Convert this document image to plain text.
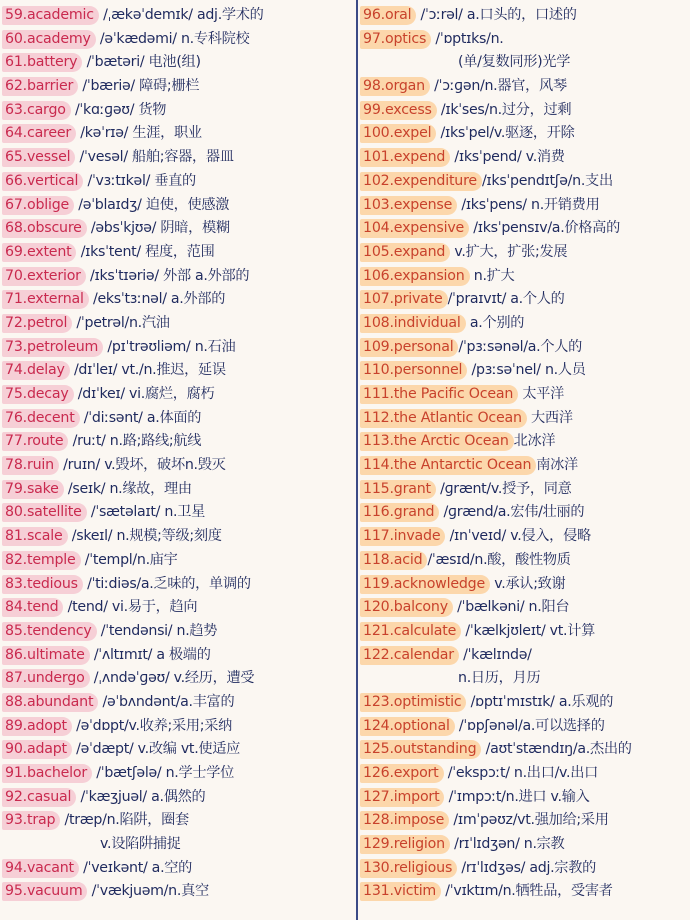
59.academic /ˌækəˈdemɪk/ adj.学术的
60.academy /əˈkædəmi/ n.专科院校
61.battery /ˈbætəri/ 电池(组)
62.barrier /ˈbæriə/ 障碍;栅栏
63.cargo /ˈkɑːɡəʊ/ 货物
64.career /kəˈrɪə/ 生涯，职业
65.vessel /ˈvesəl/ 船舶;容器，器皿
66.vertical /ˈvɜːtɪkəl/ 垂直的
67.oblige /əˈblaɪdʒ/ 迫使，使感激
68.obscure /əbsˈkjʊə/ 阴暗，模糊
69.extent /ɪksˈtent/ 程度，范围
70.exterior /ɪksˈtɪəriə/ 外部 a.外部的
71.external /eksˈtɜːnəl/ a.外部的
72.petrol /ˈpetrəl/n.汽油
73.petroleum /pɪˈtrəʊliəm/ n.石油
74.delay /dɪˈleɪ/ vt./n.推迟，延误
75.decay /dɪˈkeɪ/ vi.腐烂，腐朽
76.decent /ˈdiːsənt/ a.体面的
77.route /ruːt/ n.路;路线;航线
78.ruin /ruɪn/ v.毁坏，破坏n.毁灭
79.sake /seɪk/ n.缘故，理由
80.satellite /ˈsætəlaɪt/ n.卫星
81.scale /skeɪl/ n.规模;等级;刻度
82.temple /ˈtempl/n.庙宇
83.tedious /ˈtiːdiəs/a.乏味的，单调的
84.tend /tend/ vi.易于，趋向
85.tendency /ˈtendənsi/ n.趋势
86.ultimate /ˈʌltɪmɪt/ a 极端的
87.undergo /ˌʌndəˈɡəʊ/ v.经历，遭受
88.abundant /əˈbʌndənt/a.丰富的
89.adopt /əˈdɒpt/v.收养;采用;采纳
90.adapt /əˈdæpt/ v.改编 vt.使适应
91.bachelor /ˈbætʃələ/ n.学士学位
92.casual /ˈkæʒjuəl/ a.偶然的
93.trap /træp/n.陷阱，圈套
v.设陷阱捕捉
94.vacant /ˈveɪkənt/ a.空的
95.vacuum /ˈvækjuəm/n.真空
96.oral /ˈɔːrəl/ a.口头的，口述的
97.optics /ˈɒptɪks/n.
(单/复数同形)光学
98.organ /ˈɔːɡən/n.器官，风琴
99.excess /ɪkˈses/n.过分，过剩
100.expel /ɪksˈpel/v.驱逐，开除
101.expend /ɪksˈpend/ v.消费
102.expenditure /ɪksˈpendɪtʃə/n.支出
103.expense /ɪksˈpens/ n.开销费用
104.expensive /ɪksˈpensɪv/a.价格高的
105.expand v.扩大，扩张;发展
106.expansion n.扩大
107.private /ˈpraɪvɪt/ a.个人的
108.individual a.个别的
109.personal /ˈpɜːsənəl/a.个人的
110.personnel /pɜːsəˈnel/ n.人员
111.the Pacific Ocean 太平洋
112.the Atlantic Ocean 大西洋
113.the Arctic Ocean 北冰洋
114.the Antarctic Ocean 南冰洋
115.grant /ɡrænt/v.授予，同意
116.grand /ɡrænd/a.宏伟/壮丽的
117.invade /ɪnˈveɪd/ v.侵入，侵略
118.acid /ˈæsɪd/n.酸，酸性物质
119.acknowledge v.承认;致谢
120.balcony /ˈbælkəni/ n.阳台
121.calculate /ˈkælkjʊleɪt/ vt.计算
122.calendar /ˈkælɪndə/
n.日历，月历
123.optimistic /ɒptɪˈmɪstɪk/ a.乐观的
124.optional /ˈɒpʃənəl/a.可以选择的
125.outstanding /aʊtˈstændɪŋ/a.杰出的
126.export /ˈekspɔːt/ n.出口/v.出口
127.import /ˈɪmpɔːt/n.进口 v.输入
128.impose /ɪmˈpəʊz/vt.强加给;采用
129.religion /rɪˈlɪdʒən/ n.宗教
130.religious /rɪˈlɪdʒəs/ adj.宗教的
131.victim /ˈvɪktɪm/n.牺牲品，受害者
